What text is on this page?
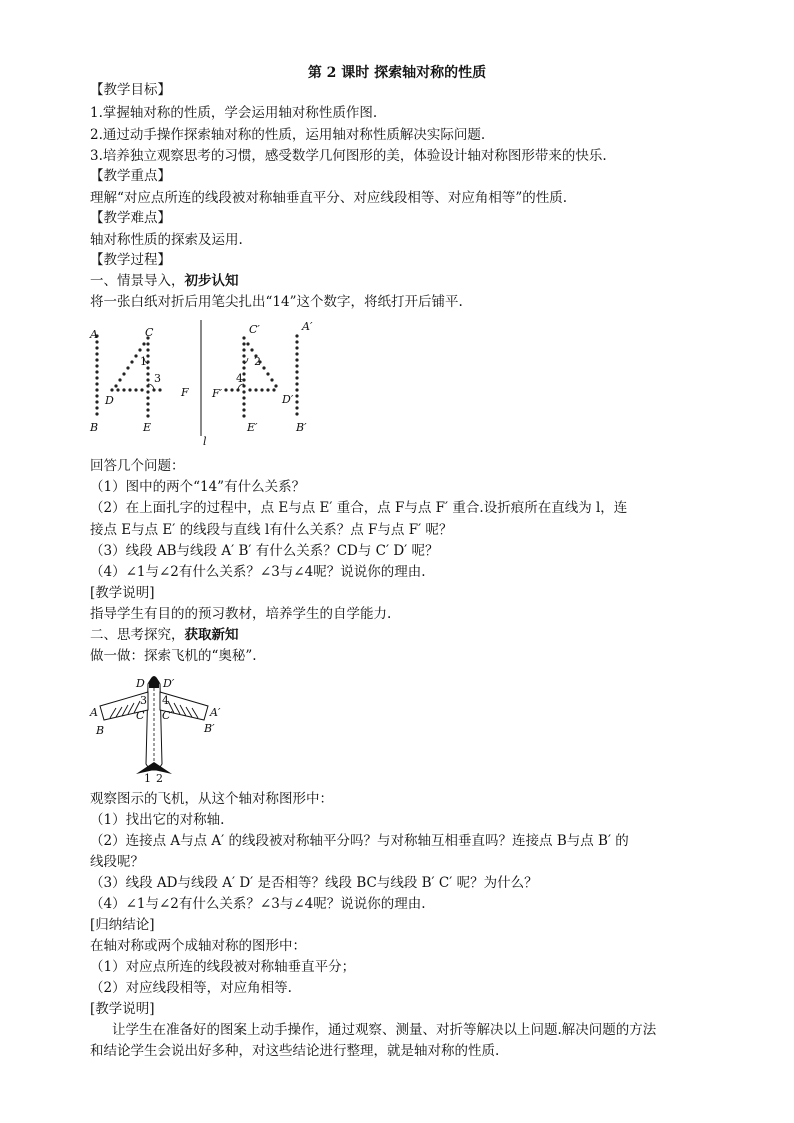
第 2 课时 探索轴对称的性质
【教学目标】
1.掌握轴对称的性质，学会运用轴对称性质作图.
2.通过动手操作探索轴对称的性质，运用轴对称性质解决实际问题.
3.培养独立观察思考的习惯，感受数学几何图形的美，体验设计轴对称图形带来的快乐.
【教学重点】
理解“对应点所连的线段被对称轴垂直平分、对应线段相等、对应角相等”的性质.
【教学难点】
轴对称性质的探索及运用.
【教学过程】
一、情景导入，初步认知
将一张白纸对折后用笔尖扎出“14”这个数字，将纸打开后铺平.
A	C
1
3
D
F
B	E
l
C′	A′
2
4
F′	D′
E′	B′
回答几个问题：
（1）图中的两个“14”有什么关系？
（2）在上面扎字的过程中，点 E与点 E′ 重合，点 F与点 F′ 重合.设折痕所在直线为 l，连
接点 E与点 E′ 的线段与直线 l有什么关系？点 F与点 F′ 呢？
（3）线段 AB与线段 A′ B′ 有什么关系？CD与 C′ D′ 呢？
（4）∠1与∠2有什么关系？∠3与∠4呢？说说你的理由.
[教学说明]
指导学生有目的的预习教材，培养学生的自学能力.
二、思考探究，获取新知
做一做：探索飞机的“奥秘”.
D D′
3 4
A	A′
C C′
B	B′
1 2
观察图示的飞机，从这个轴对称图形中：
（1）找出它的对称轴.
（2）连接点 A与点 A′ 的线段被对称轴平分吗？与对称轴互相垂直吗？连接点 B与点 B′ 的
线段呢？
（3）线段 AD与线段 A′ D′ 是否相等？线段 BC与线段 B′ C′ 呢？为什么？
（4）∠1与∠2有什么关系？∠3与∠4呢？说说你的理由.
[归纳结论]
在轴对称或两个成轴对称的图形中：
（1）对应点所连的线段被对称轴垂直平分；
（2）对应线段相等，对应角相等.
[教学说明]
让学生在准备好的图案上动手操作，通过观察、测量、对折等解决以上问题.解决问题的方法
和结论学生会说出好多种，对这些结论进行整理，就是轴对称的性质.
